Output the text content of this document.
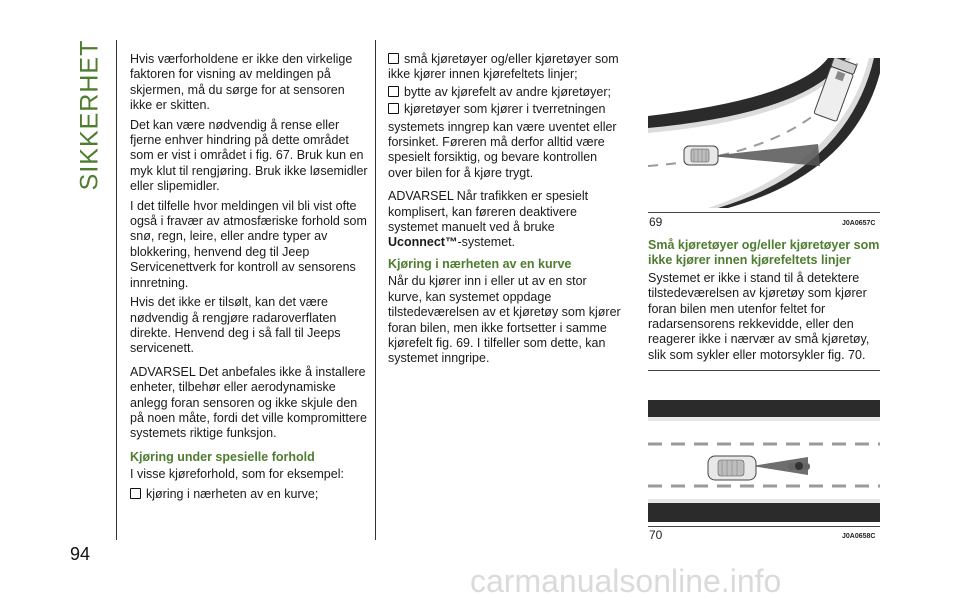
SIKKERHET
94

Hvis værforholdene er ikke den virkelige faktoren for visning av meldingen på skjermen, må du sørge for at sensoren ikke er skitten.

Det kan være nødvendig å rense eller fjerne enhver hindring på dette området som er vist i området i fig. 67. Bruk kun en myk klut til rengjøring. Bruk ikke løsemidler eller slipemidler.

I det tilfelle hvor meldingen vil bli vist ofte også i fravær av atmosfæriske forhold som snø, regn, leire, eller andre typer av blokkering, henvend deg til Jeep Servicenettverk for kontroll av sensorens innretning.

Hvis det ikke er tilsølt, kan det være nødvendig å rengjøre radaroverflaten direkte. Henvend deg i så fall til Jeeps servicenett.

ADVARSEL Det anbefales ikke å installere enheter, tilbehør eller aerodynamiske anlegg foran sensoren og ikke skjule den på noen måte, fordi det ville kompromittere systemets riktige funksjon.

Kjøring under spesielle forhold

I visse kjøreforhold, som for eksempel:

kjøring i nærheten av en kurve;
små kjøretøyer og/eller kjøretøyer som ikke kjører innen kjørefeltets linjer;
bytte av kjørefelt av andre kjøretøyer;
kjøretøyer som kjører i tverretningen

systemets inngrep kan være uventet eller forsinket. Føreren må derfor alltid være spesielt forsiktig, og bevare kontrollen over bilen for å kjøre trygt.

ADVARSEL Når trafikken er spesielt komplisert, kan føreren deaktivere systemet manuelt ved å bruke Uconnect™-systemet.

Kjøring i nærheten av en kurve

Når du kjører inn i eller ut av en stor kurve, kan systemet oppdage tilstedeværelsen av et kjøretøy som kjører foran bilen, men ikke fortsetter i samme kjørefelt fig. 69. I tilfeller som dette, kan systemet inngripe.

69	J0A0657C
Små kjøretøyer og/eller kjøretøyer som ikke kjører innen kjørefeltets linjer

Systemet er ikke i stand til å detektere tilstedeværelsen av kjøretøy som kjører foran bilen men utenfor feltet for radarsensorens rekkevidde, eller den reagerer ikke i nærvær av små kjøretøy, slik som sykler eller motorsykler fig. 70.

70	J0A0658C
carmanualsonline.info
